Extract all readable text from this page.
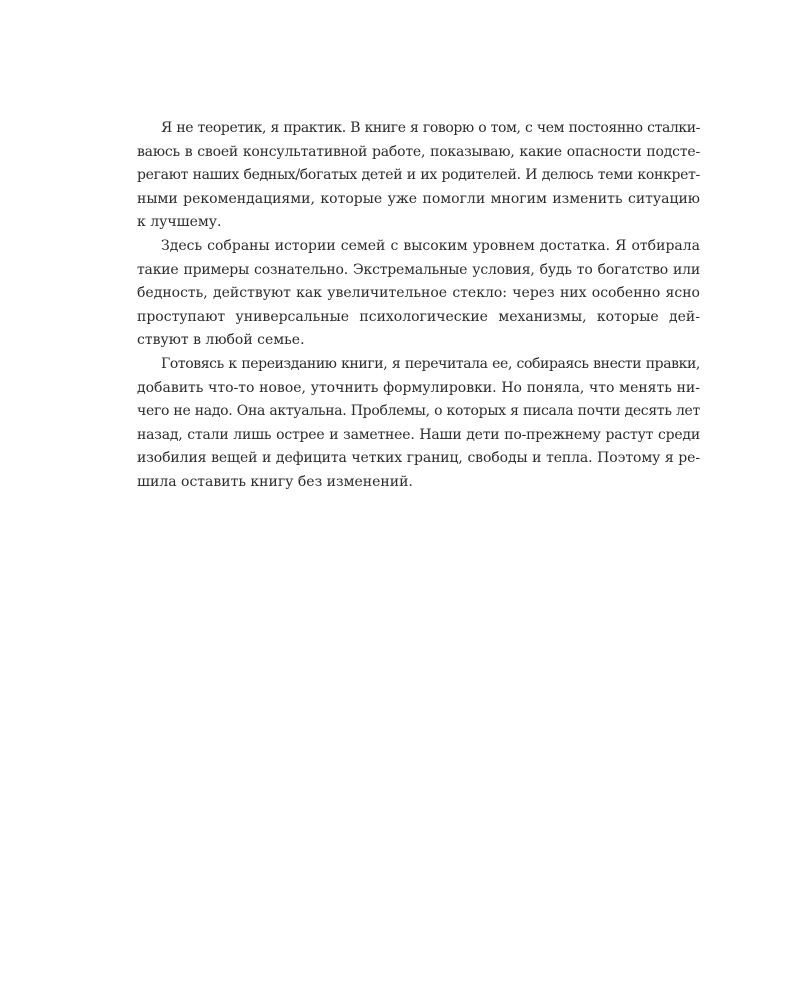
Я не теоретик, я практик. В книге я говорю о том, с чем постоянно сталки-
ваюсь в своей консультативной работе, показываю, какие опасности подсте-
регают наших бедных/богатых детей и их родителей. И делюсь теми конкрет-
ными рекомендациями, которые уже помогли многим изменить ситуацию
к лучшему.
Здесь собраны истории семей с высоким уровнем достатка. Я отбирала
такие примеры сознательно. Экстремальные условия, будь то богатство или
бедность, действуют как увеличительное стекло: через них особенно ясно
проступают универсальные психологические механизмы, которые дей-
ствуют в любой семье.
Готовясь к переизданию книги, я перечитала ее, собираясь внести правки,
добавить что-то новое, уточнить формулировки. Но поняла, что менять ни-
чего не надо. Она актуальна. Проблемы, о которых я писала почти десять лет
назад, стали лишь острее и заметнее. Наши дети по-прежнему растут среди
изобилия вещей и дефицита четких границ, свободы и тепла. Поэтому я ре-
шила оставить книгу без изменений.
